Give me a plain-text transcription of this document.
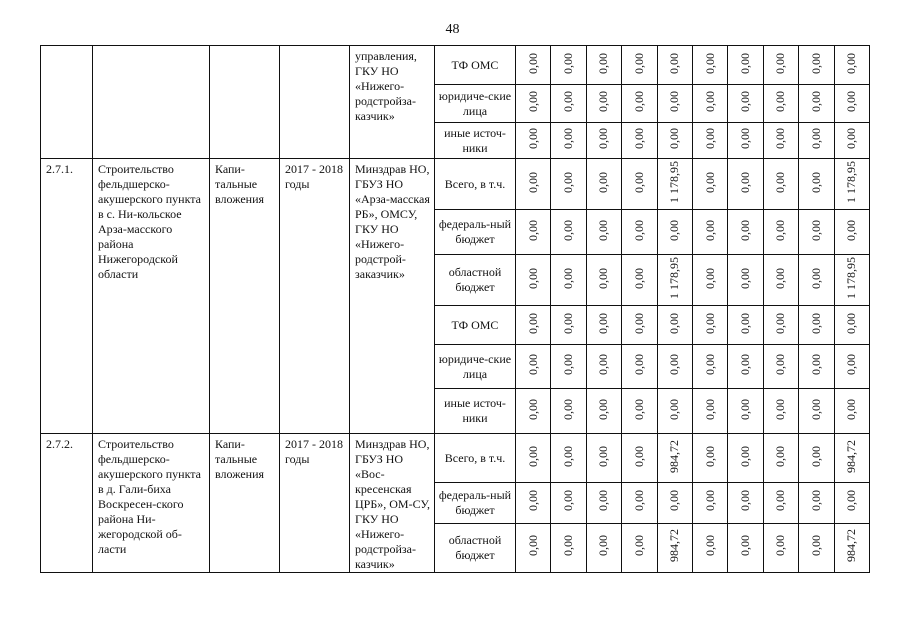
48
				управления, ГКУ НО «Нижего-родстройза-казчик»	ТФ ОМС	0,00	0,00	0,00	0,00	0,00	0,00	0,00	0,00	0,00	0,00
					юридиче-ские лица	0,00	0,00	0,00	0,00	0,00	0,00	0,00	0,00	0,00	0,00
					иные источ-ники	0,00	0,00	0,00	0,00	0,00	0,00	0,00	0,00	0,00	0,00
2.7.1.	Строительство фельдшерско-акушерского пункта в с. Ни-кольское Арза-масского района Нижегородской области	Капи-тальные вложения	2017 - 2018 годы	Минздрав НО, ГБУЗ НО «Арза-масская РБ», ОМСУ, ГКУ НО «Нижего-родстрой-заказчик»	Всего, в т.ч.	0,00	0,00	0,00	0,00	1 178,95	0,00	0,00	0,00	0,00	1 178,95
					федераль-ный бюджет	0,00	0,00	0,00	0,00	0,00	0,00	0,00	0,00	0,00	0,00
					областной бюджет	0,00	0,00	0,00	0,00	1 178,95	0,00	0,00	0,00	0,00	1 178,95
					ТФ ОМС	0,00	0,00	0,00	0,00	0,00	0,00	0,00	0,00	0,00	0,00
					юридиче-ские лица	0,00	0,00	0,00	0,00	0,00	0,00	0,00	0,00	0,00	0,00
					иные источ-ники	0,00	0,00	0,00	0,00	0,00	0,00	0,00	0,00	0,00	0,00
2.7.2.	Строительство фельдшерско-акушерского пункта в д. Гали-биха Воскресен-ского района Ни-жегородской об-ласти	Капи-тальные вложения	2017 - 2018 годы	Минздрав НО, ГБУЗ НО «Вос-кресенская ЦРБ», ОМ-СУ, ГКУ НО «Нижего-родстройза-казчик»	Всего, в т.ч.	0,00	0,00	0,00	0,00	984,72	0,00	0,00	0,00	0,00	984,72
					федераль-ный бюджет	0,00	0,00	0,00	0,00	0,00	0,00	0,00	0,00	0,00	0,00
					областной бюджет	0,00	0,00	0,00	0,00	984,72	0,00	0,00	0,00	0,00	984,72
